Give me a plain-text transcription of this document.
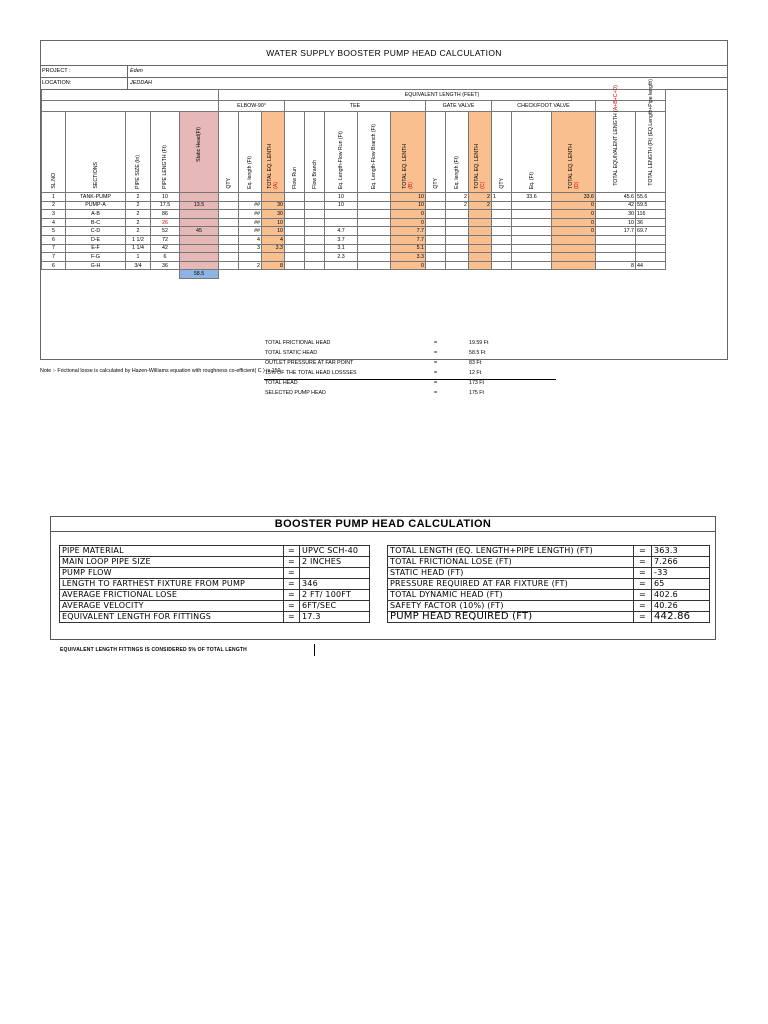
WATER SUPPLY BOOSTER PUMP HEAD CALCULATION
PROJECT :	Eden
LOCATION:	JEDDAH
					EQUIVALENT LENGTH (FEET)															
					ELBOW-90°			TEE					GATE VALVE			CHECK/FOOT VALVE				

SL.NO	SECTIONS	PIPE SIZE (In)	PIPE LENGTH (Ft)	Static Head(Ft)	QTY	Eq. length (Ft)	TOTAL EQ. LENTH
(A)	Flow Run	Flow Branch	Eq. Length-Flow Run (Ft)	Eq. Length-Flow Branch (Ft)	TOTAL EQ. LENTH
(B)	QTY	Eq. length (Ft)	TOTAL EQ. LENTH
(C)	QTY	Eq. (Ft)	TOTAL EQ. LENTH
(D)	TOTAL EQUIVALENT LENGTH (A+B+C+D)	TOTAL LENGTH (Ft) (EQ.Length+Pipe length)

1	TANK-PUMP	2	10							10		10		2	2	1	33.6	33.6	45.6	55.6
2	PUMP-A	2	17.5	13.5		##	30			10		10		2	2			0	42	59.5
3	A-B	2	86			##	30					0						0	30	116
4	B-C	2	26			##	10					0						0	10	36
5	C-D	2	52	45		##	10			4.7		7.7						0	17.7	69.7
6	D-E	1 1/2	72			4	4			3.7		7.7								
7	E-F	1 1/4	42			3	3.3			3.1		5.1								
7	F-G	1	6							2.3		3.3								
6	G-H	3/4	36			2	8					0							8	44
				58.5																
TOTAL FRICTIONAL HEAD	=	19.59 Ft
TOTAL STATIC HEAD	=	58.5 Ft
OUTLET PRESSURE AT FAR POINT	=	83 Ft
15% OF THE TOTAL HEAD LOSSSES	=	12 Ft
TOTAL HEAD	=	173 Ft
SELECTED PUMP HEAD	=	175 Ft
Note :- Frictional losse is calculated by Hazen-Williams equation with roughness co-efficient( C ) is 150
BOOSTER PUMP HEAD CALCULATION
PIPE MATERIAL	=	UPVC SCH-40
MAIN LOOP PIPE SIZE	=	2 INCHES
PUMP FLOW	=	
LENGTH TO FARTHEST FIXTURE FROM PUMP	=	346
AVERAGE FRICTIONAL LOSE	=	2 FT/ 100FT
AVERAGE VELOCITY	=	6FT/SEC
EQUIVALENT LENGTH FOR FITTINGS	=	17.3
TOTAL LENGTH (EQ. LENGTH+PIPE LENGTH) (FT)	=	363.3
TOTAL FRICTIONAL LOSE (FT)	=	7.266
STATIC HEAD (FT)	=	-33
PRESSURE REQUIRED AT FAR FIXTURE (FT)	=	65
TOTAL DYNAMIC HEAD (FT)	=	402.6
SAFETY FACTOR (10%) (FT)	=	40.26
PUMP HEAD REQUIRED (FT)	=	442.86
EQUIVALENT LENGTH FITTINGS IS CONSIDERED 5% OF TOTAL LENGTH
